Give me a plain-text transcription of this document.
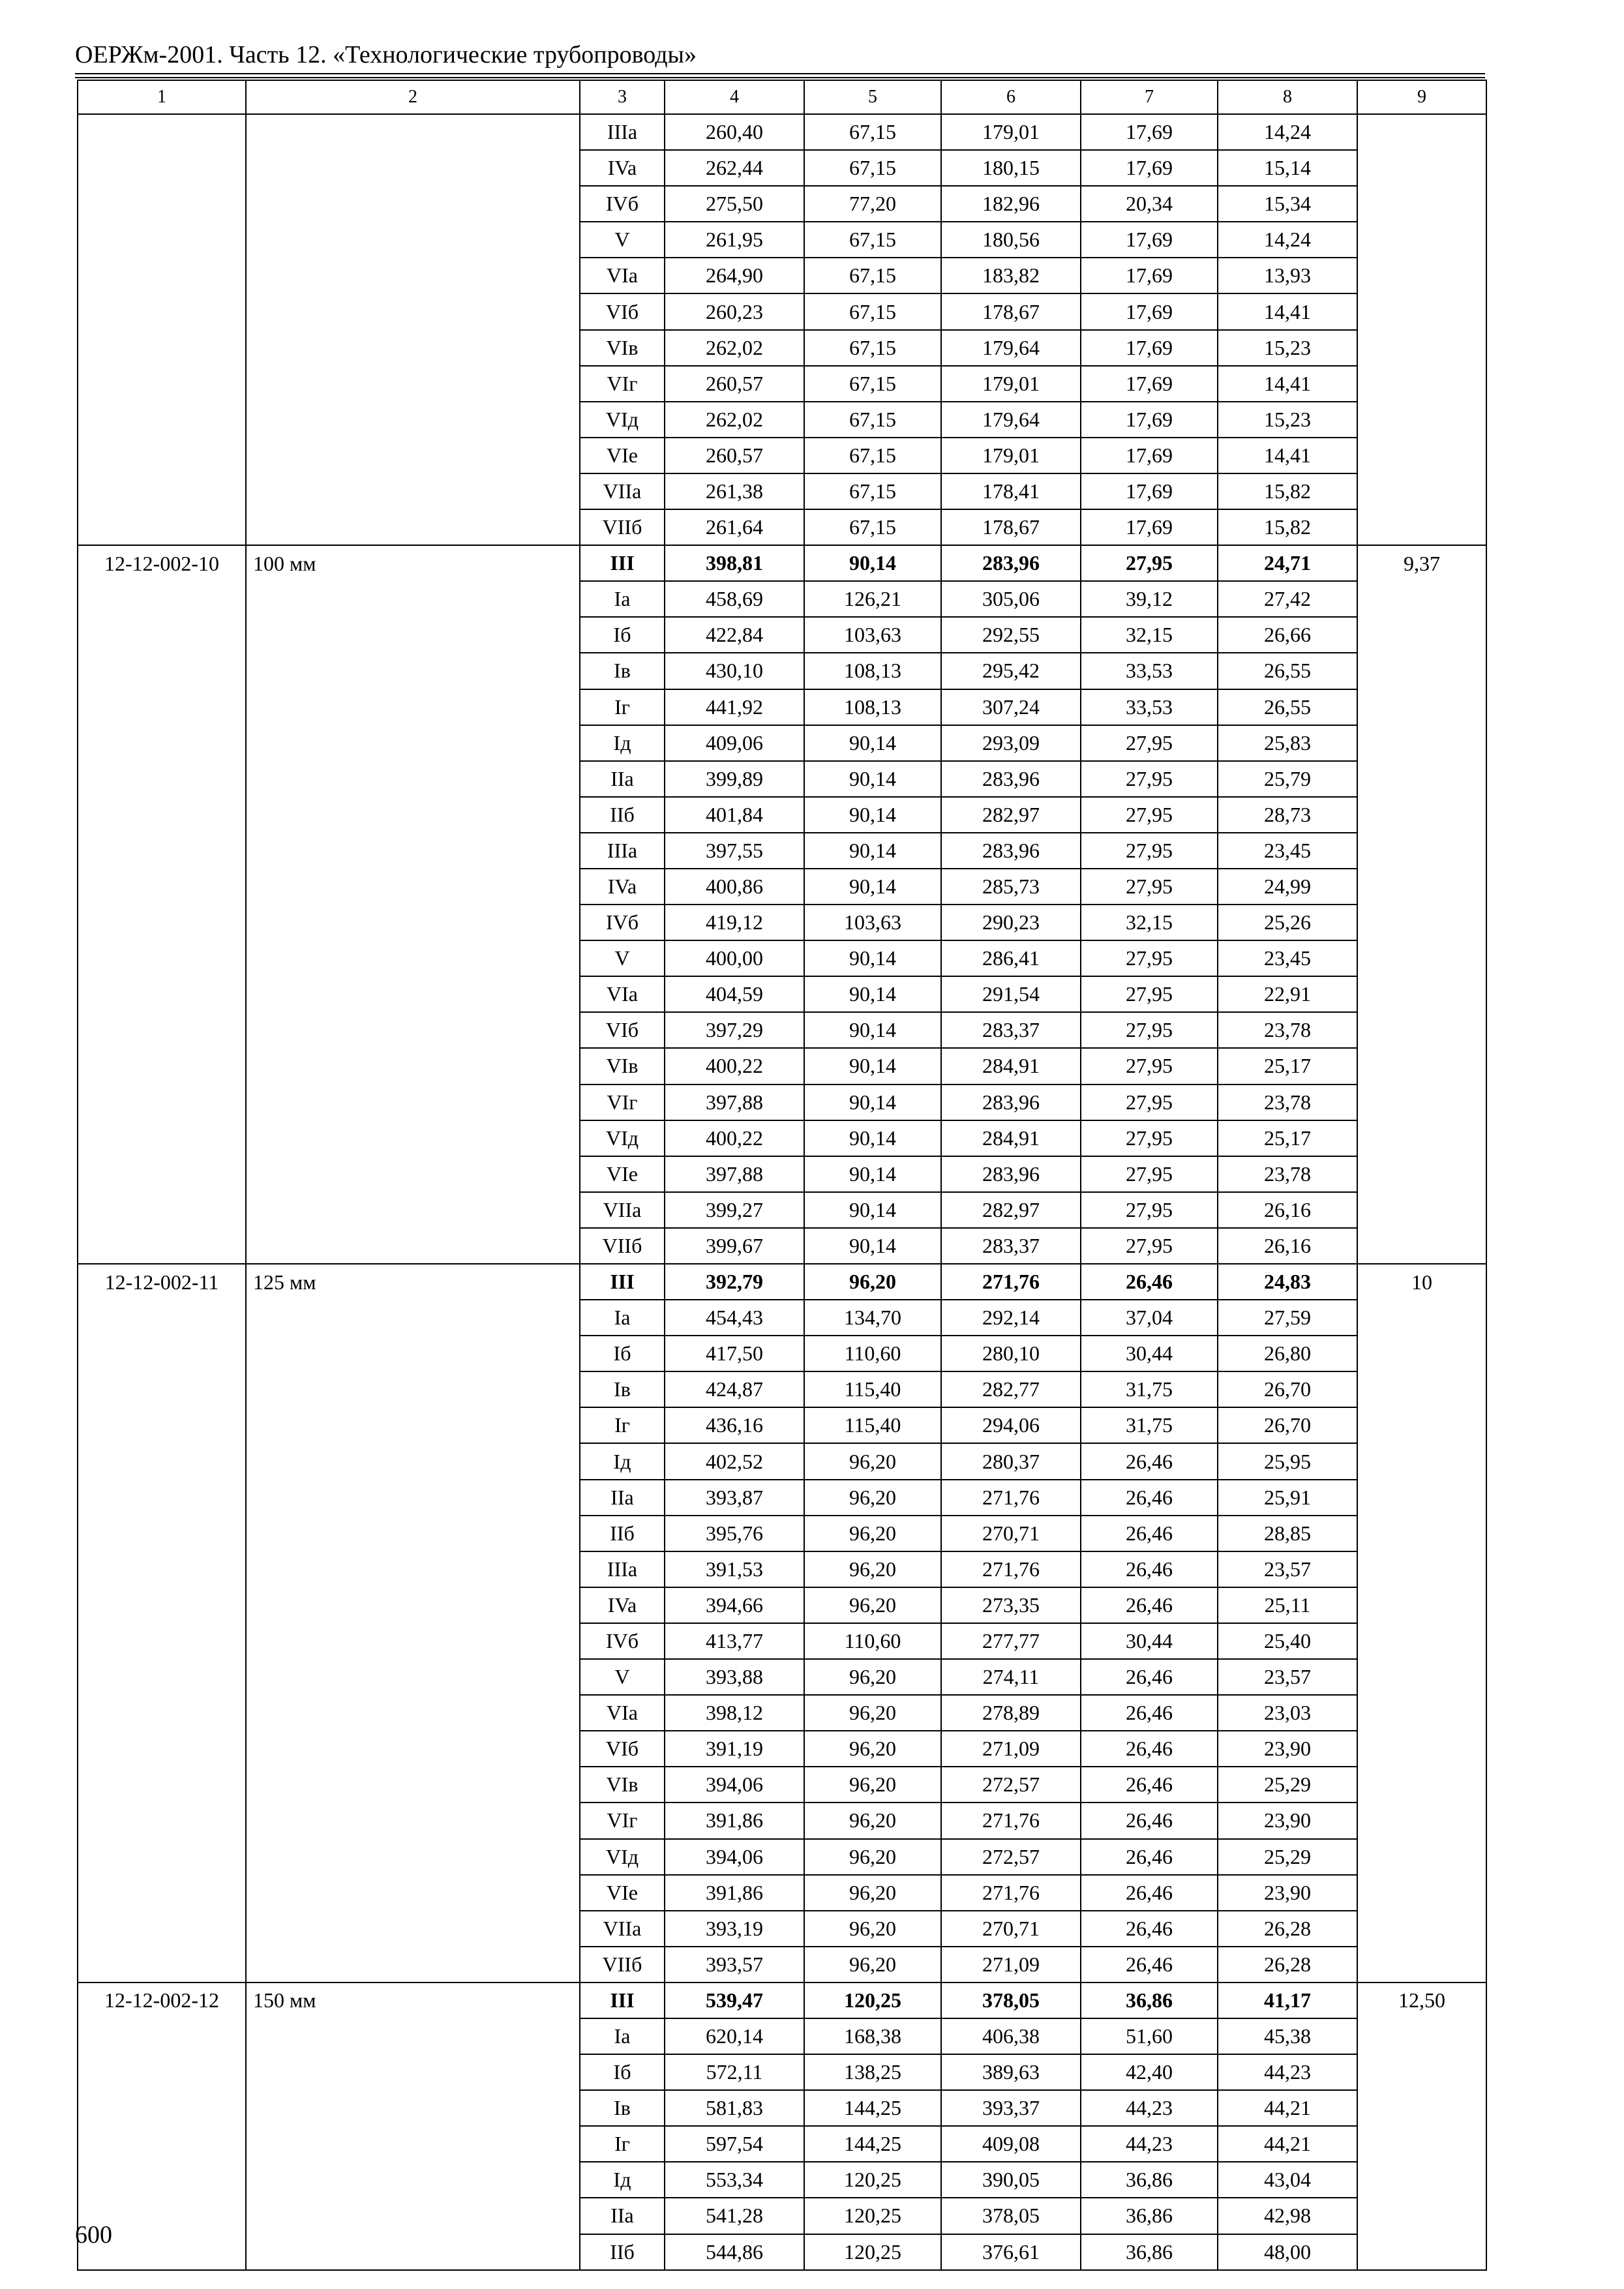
ОЕРЖм-2001. Часть 12. «Технологические трубопроводы»
1	2	3	4	5	6	7	8	9
		IIIa	260,40	67,15	179,01	17,69	14,24	
		IVa	262,44	67,15	180,15	17,69	15,14	
		IVб	275,50	77,20	182,96	20,34	15,34	
		V	261,95	67,15	180,56	17,69	14,24	
		VIa	264,90	67,15	183,82	17,69	13,93	
		VIб	260,23	67,15	178,67	17,69	14,41	
		VIв	262,02	67,15	179,64	17,69	15,23	
		VIг	260,57	67,15	179,01	17,69	14,41	
		VIд	262,02	67,15	179,64	17,69	15,23	
		VIe	260,57	67,15	179,01	17,69	14,41	
		VIIa	261,38	67,15	178,41	17,69	15,82	
		VIIб	261,64	67,15	178,67	17,69	15,82	
12-12-002-10	100 мм	III	398,81	90,14	283,96	27,95	24,71	9,37
		Ia	458,69	126,21	305,06	39,12	27,42	
		Iб	422,84	103,63	292,55	32,15	26,66	
		Iв	430,10	108,13	295,42	33,53	26,55	
		Iг	441,92	108,13	307,24	33,53	26,55	
		Iд	409,06	90,14	293,09	27,95	25,83	
		IIa	399,89	90,14	283,96	27,95	25,79	
		IIб	401,84	90,14	282,97	27,95	28,73	
		IIIa	397,55	90,14	283,96	27,95	23,45	
		IVa	400,86	90,14	285,73	27,95	24,99	
		IVб	419,12	103,63	290,23	32,15	25,26	
		V	400,00	90,14	286,41	27,95	23,45	
		VIa	404,59	90,14	291,54	27,95	22,91	
		VIб	397,29	90,14	283,37	27,95	23,78	
		VIв	400,22	90,14	284,91	27,95	25,17	
		VIг	397,88	90,14	283,96	27,95	23,78	
		VIд	400,22	90,14	284,91	27,95	25,17	
		VIe	397,88	90,14	283,96	27,95	23,78	
		VIIa	399,27	90,14	282,97	27,95	26,16	
		VIIб	399,67	90,14	283,37	27,95	26,16	
12-12-002-11	125 мм	III	392,79	96,20	271,76	26,46	24,83	10
		Ia	454,43	134,70	292,14	37,04	27,59	
		Iб	417,50	110,60	280,10	30,44	26,80	
		Iв	424,87	115,40	282,77	31,75	26,70	
		Iг	436,16	115,40	294,06	31,75	26,70	
		Iд	402,52	96,20	280,37	26,46	25,95	
		IIa	393,87	96,20	271,76	26,46	25,91	
		IIб	395,76	96,20	270,71	26,46	28,85	
		IIIa	391,53	96,20	271,76	26,46	23,57	
		IVa	394,66	96,20	273,35	26,46	25,11	
		IVб	413,77	110,60	277,77	30,44	25,40	
		V	393,88	96,20	274,11	26,46	23,57	
		VIa	398,12	96,20	278,89	26,46	23,03	
		VIб	391,19	96,20	271,09	26,46	23,90	
		VIв	394,06	96,20	272,57	26,46	25,29	
		VIг	391,86	96,20	271,76	26,46	23,90	
		VIд	394,06	96,20	272,57	26,46	25,29	
		VIe	391,86	96,20	271,76	26,46	23,90	
		VIIa	393,19	96,20	270,71	26,46	26,28	
		VIIб	393,57	96,20	271,09	26,46	26,28	
12-12-002-12	150 мм	III	539,47	120,25	378,05	36,86	41,17	12,50
		Ia	620,14	168,38	406,38	51,60	45,38	
		Iб	572,11	138,25	389,63	42,40	44,23	
		Iв	581,83	144,25	393,37	44,23	44,21	
		Iг	597,54	144,25	409,08	44,23	44,21	
		Iд	553,34	120,25	390,05	36,86	43,04	
		IIa	541,28	120,25	378,05	36,86	42,98	
		IIб	544,86	120,25	376,61	36,86	48,00	
600
